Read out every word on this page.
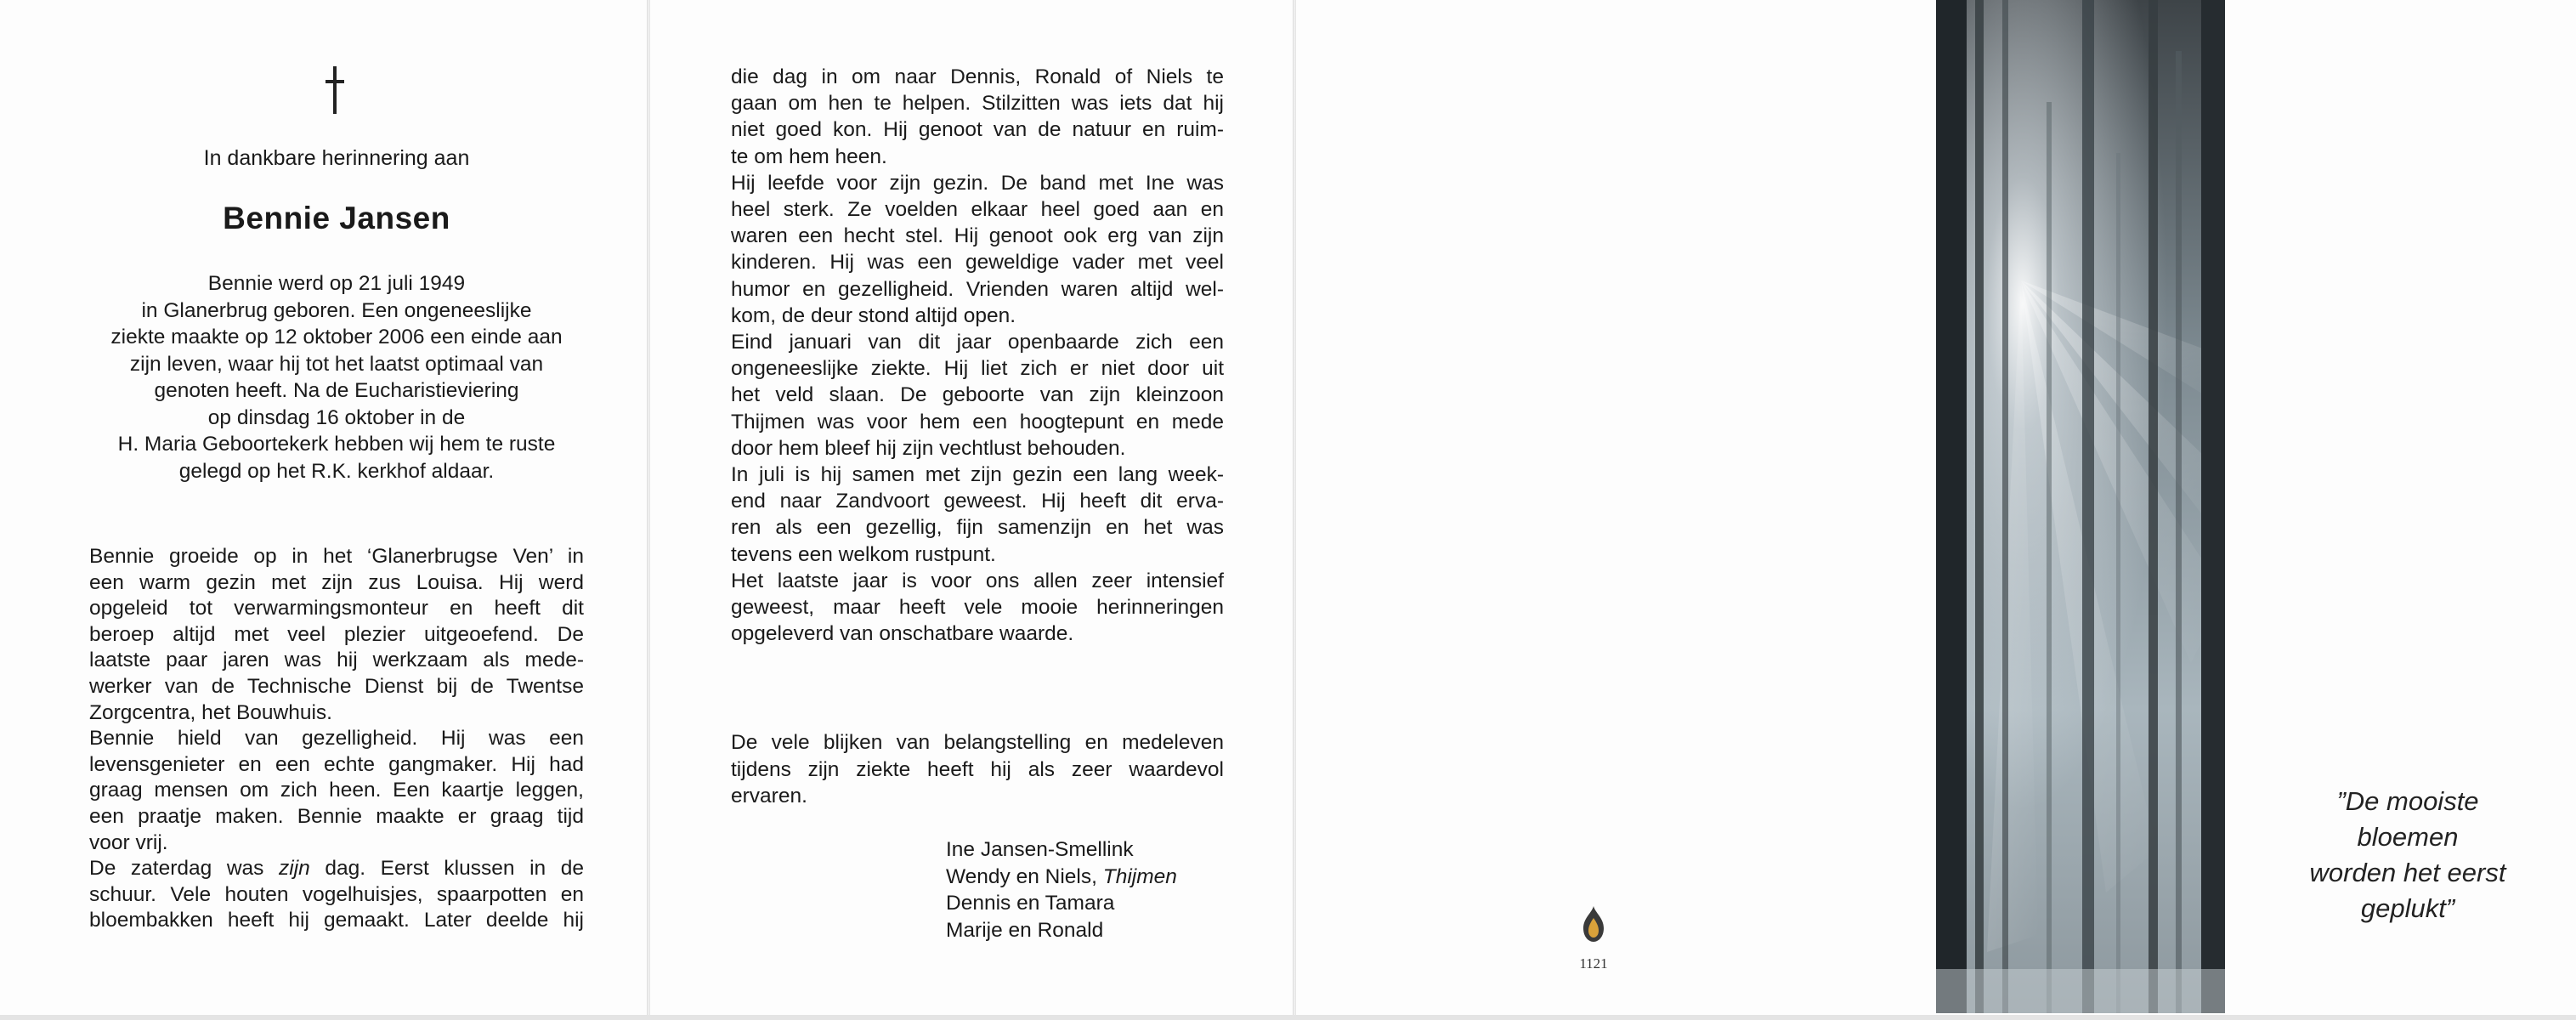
In dankbare herinnering aan
Bennie Jansen
Bennie werd op 21 juli 1949
in Glanerbrug geboren. Een ongeneeslijke
ziekte maakte op 12 oktober 2006 een einde aan
zijn leven, waar hij tot het laatst optimaal van
genoten heeft. Na de Eucharistieviering
op dinsdag 16 oktober in de
H. Maria Geboortekerk hebben wij hem te ruste
gelegd op het R.K. kerkhof aldaar.
Bennie groeide op in het ‘Glanerbrugse Ven’ in
een warm gezin met zijn zus Louisa. Hij werd
opgeleid tot verwarmingsmonteur en heeft dit
beroep altijd met veel plezier uitgeoefend. De
laatste paar jaren was hij werkzaam als mede-
werker van de Technische Dienst bij de Twentse
Zorgcentra, het Bouwhuis.
Bennie hield van gezelligheid. Hij was een
levensgenieter en een echte gangmaker. Hij had
graag mensen om zich heen. Een kaartje leggen,
een praatje maken. Bennie maakte er graag tijd
voor vrij.
De zaterdag was zijn dag. Eerst klussen in de
schuur. Vele houten vogelhuisjes, spaarpotten en
bloembakken heeft hij gemaakt. Later deelde hij
die dag in om naar Dennis, Ronald of Niels te
gaan om hen te helpen. Stilzitten was iets dat hij
niet goed kon. Hij genoot van de natuur en ruim-
te om hem heen.
Hij leefde voor zijn gezin. De band met Ine was
heel sterk. Ze voelden elkaar heel goed aan en
waren een hecht stel. Hij genoot ook erg van zijn
kinderen. Hij was een geweldige vader met veel
humor en gezelligheid. Vrienden waren altijd wel-
kom, de deur stond altijd open.
Eind januari van dit jaar openbaarde zich een
ongeneeslijke ziekte. Hij liet zich er niet door uit
het veld slaan. De geboorte van zijn kleinzoon
Thijmen was voor hem een hoogtepunt en mede
door hem bleef hij zijn vechtlust behouden.
In juli is hij samen met zijn gezin een lang week-
end naar Zandvoort geweest. Hij heeft dit erva-
ren als een gezellig, fijn samenzijn en het was
tevens een welkom rustpunt.
Het laatste jaar is voor ons allen zeer intensief
geweest, maar heeft vele mooie herinneringen
opgeleverd van onschatbare waarde.
De vele blijken van belangstelling en medeleven
tijdens zijn ziekte heeft hij als zeer waardevol
ervaren.
Ine Jansen-Smellink
Wendy en Niels, Thijmen
Dennis en Tamara
Marije en Ronald
1121
”De mooiste
bloemen
worden het eerst
geplukt”
